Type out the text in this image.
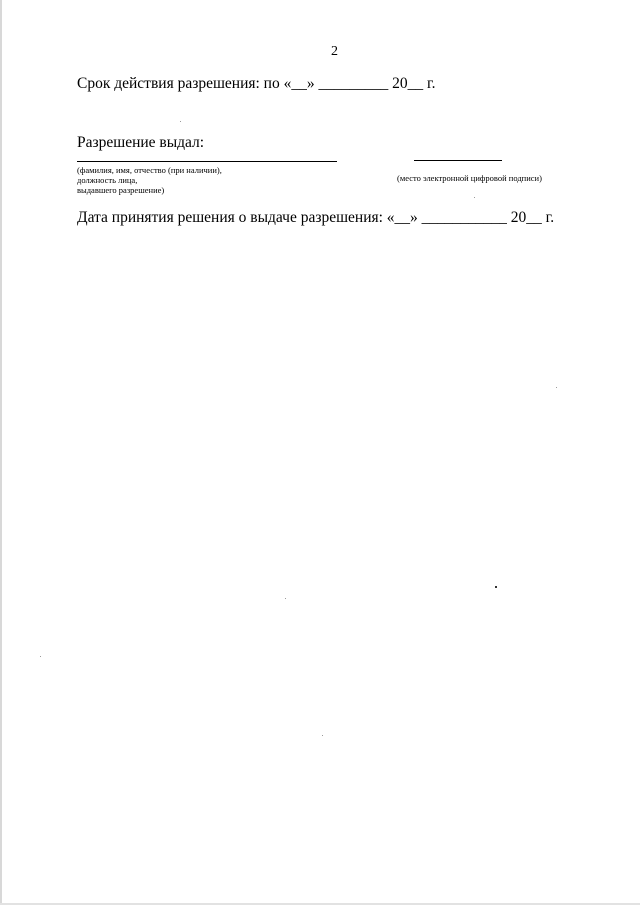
2
Срок действия разрешения: по «__» _________ 20__ г.
Разрешение выдал:
(фамилия, имя, отчество (при наличии),
должность лица,
выдавшего разрешение)
(место электронной цифровой подписи)
Дата принятия решения о выдаче разрешения: «__» ___________ 20__ г.
